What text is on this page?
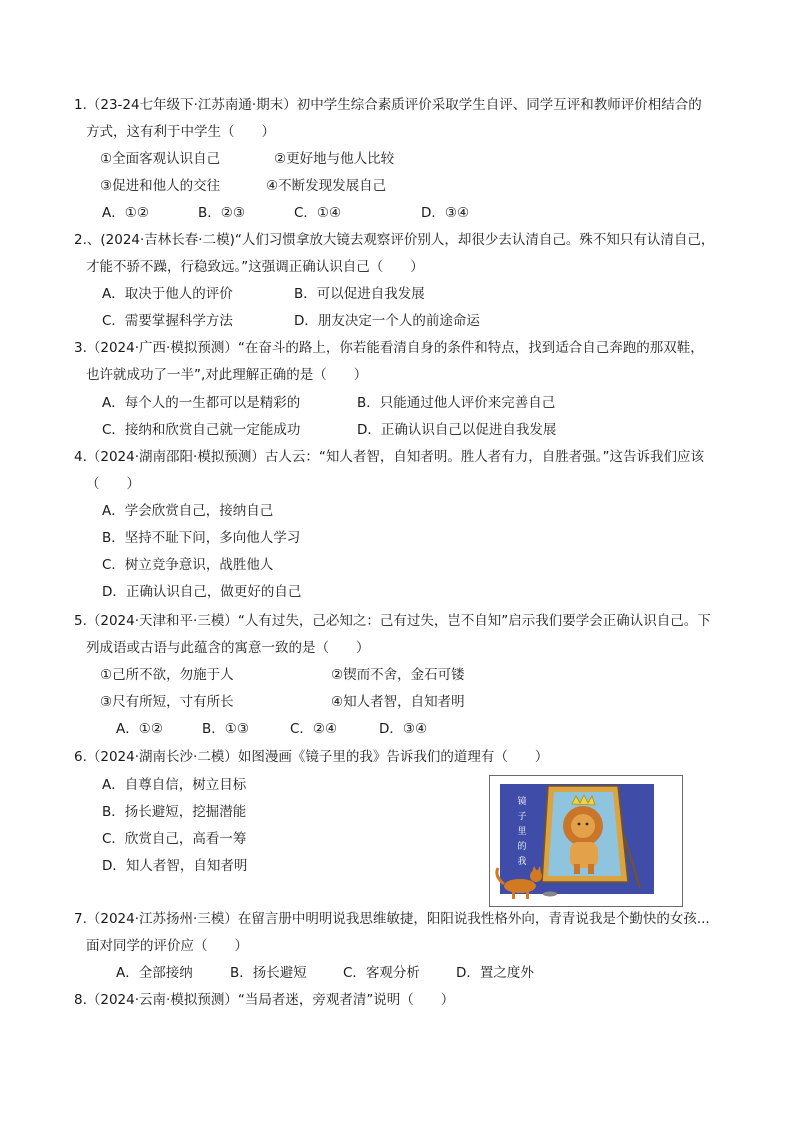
1.（23-24七年级下·江苏南通·期末）初中学生综合素质评价采取学生自评、同学互评和教师评价相结合的
方式，这有利于中学生（　　）
①全面客观认识自己	②更好地与他人比较
③促进和他人的交往	④不断发现发展自己
A．①②	B．②③	C．①④	D．③④
2.、(2024·吉林长春·二模)“人们习惯拿放大镜去观察评价别人，却很少去认清自己。殊不知只有认清自己，
才能不骄不躁，行稳致远。”这强调正确认识自己（　　）
A．取决于他人的评价	B．可以促进自我发展
C．需要掌握科学方法	D．朋友决定一个人的前途命运
3.（2024·广西·模拟预测）“在奋斗的路上，你若能看清自身的条件和特点，找到适合自己奔跑的那双鞋，
也许就成功了一半”,对此理解正确的是（　　）
A．每个人的一生都可以是精彩的	B．只能通过他人评价来完善自己
C．接纳和欣赏自己就一定能成功	D．正确认识自己以促进自我发展
4.（2024·湖南邵阳·模拟预测）古人云：“知人者智，自知者明。胜人者有力，自胜者强。”这告诉我们应该
（　　）
A．学会欣赏自己，接纳自己
B．坚持不耻下问，多向他人学习
C．树立竞争意识，战胜他人
D．正确认识自己，做更好的自己
5.（2024·天津和平·三模）“人有过失，己必知之：己有过失，岂不自知”启示我们要学会正确认识自己。下
列成语或古语与此蕴含的寓意一致的是（　　）
①己所不欲，勿施于人	②锲而不舍，金石可镂
③尺有所短，寸有所长	④知人者智，自知者明
A．①②	B．①③	C．②④	D．③④
6.（2024·湖南长沙·二模）如图漫画《镜子里的我》告诉我们的道理有（　　）
A．自尊自信，树立目标
B．扬长避短，挖掘潜能
C．欣赏自己，高看一筹
D．知人者智，自知者明
镜
子
里
的
我
7.（2024·江苏扬州·三模）在留言册中明明说我思维敏捷，阳阳说我性格外向，青青说我是个勤快的女孩...
面对同学的评价应（　　）
A．全部接纳	B．扬长避短	C．客观分析	D．置之度外
8.（2024·云南·模拟预测）“当局者迷，旁观者清”说明（　　）
